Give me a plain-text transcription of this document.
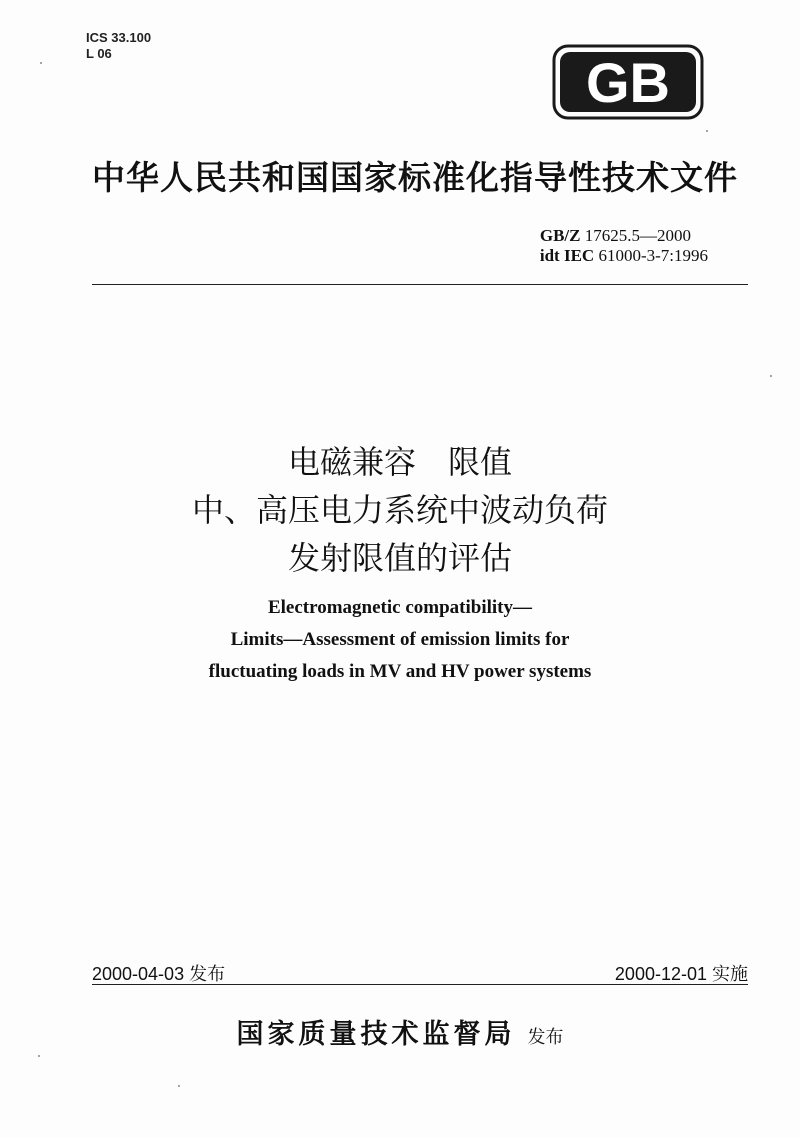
ICS 33.100
L 06	GB
中华人民共和国国家标准化指导性技术文件
GB/Z 17625.5—2000
idt IEC 61000-3-7:1996
电磁兼容　限值
中、高压电力系统中波动负荷
发射限值的评估
Electromagnetic compatibility—
Limits—Assessment of emission limits for
fluctuating loads in MV and HV power systems
2000-04-03 发布	2000-12-01 实施
国家质量技术监督局 发布
